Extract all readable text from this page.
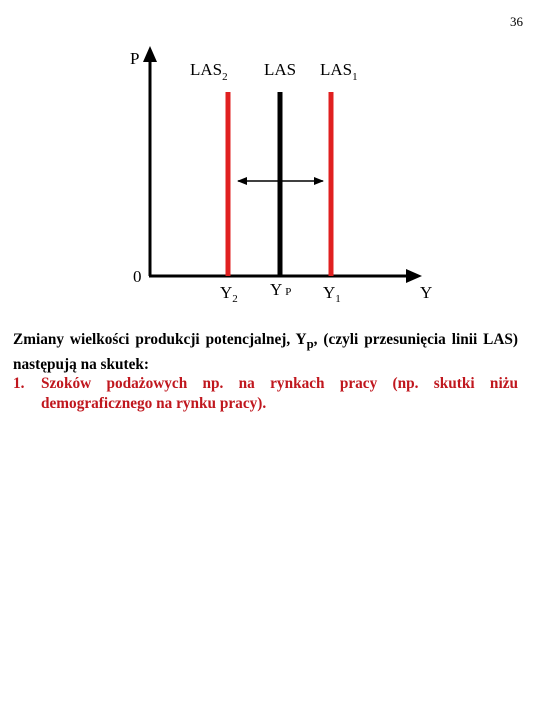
36
P
0
Y
$LAS_2$ LAS $LAS_1$
$Y_2$ Y P $Y_1$

Zmiany wielkości produkcji potencjalnej, $Y_p$, (czyli przesunięcia linii LAS) następują na skutek:

1.	Szoków podażowych np. na rynkach pracy (np. skutki niżu demograficznego na rynku pracy).
